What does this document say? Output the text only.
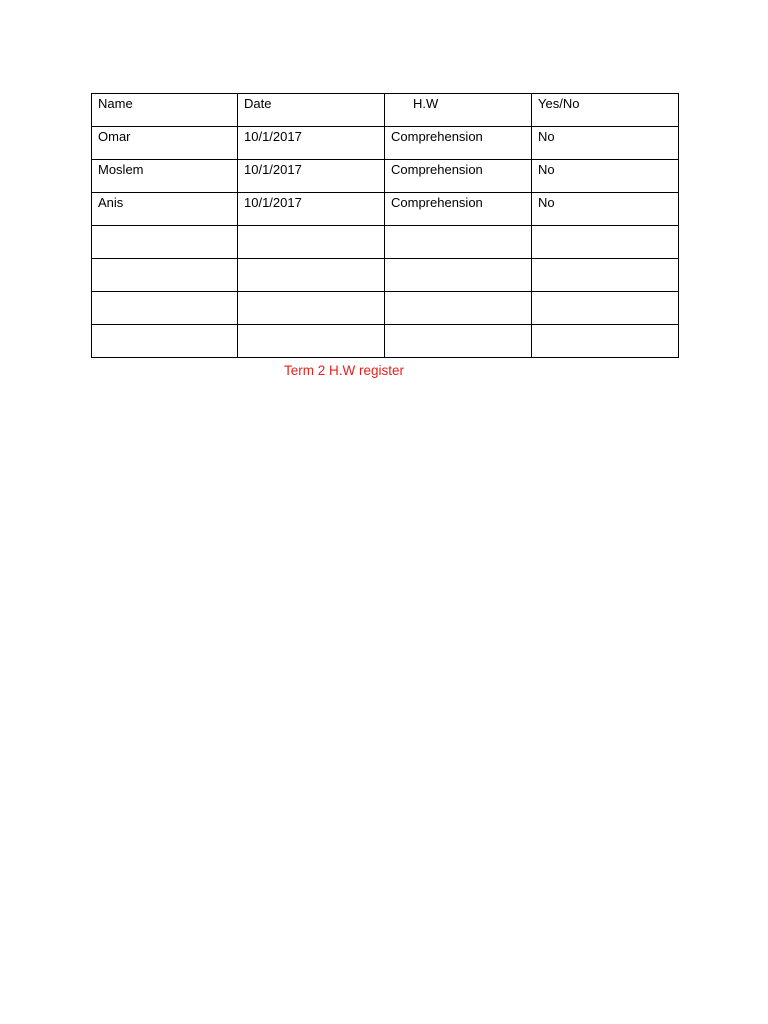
Name	Date	H.W	Yes/No

Omar	10/1/2017	Comprehension	No

Moslem	10/1/2017	Comprehension	No

Anis	10/1/2017	Comprehension	No

Term 2 H.W register
